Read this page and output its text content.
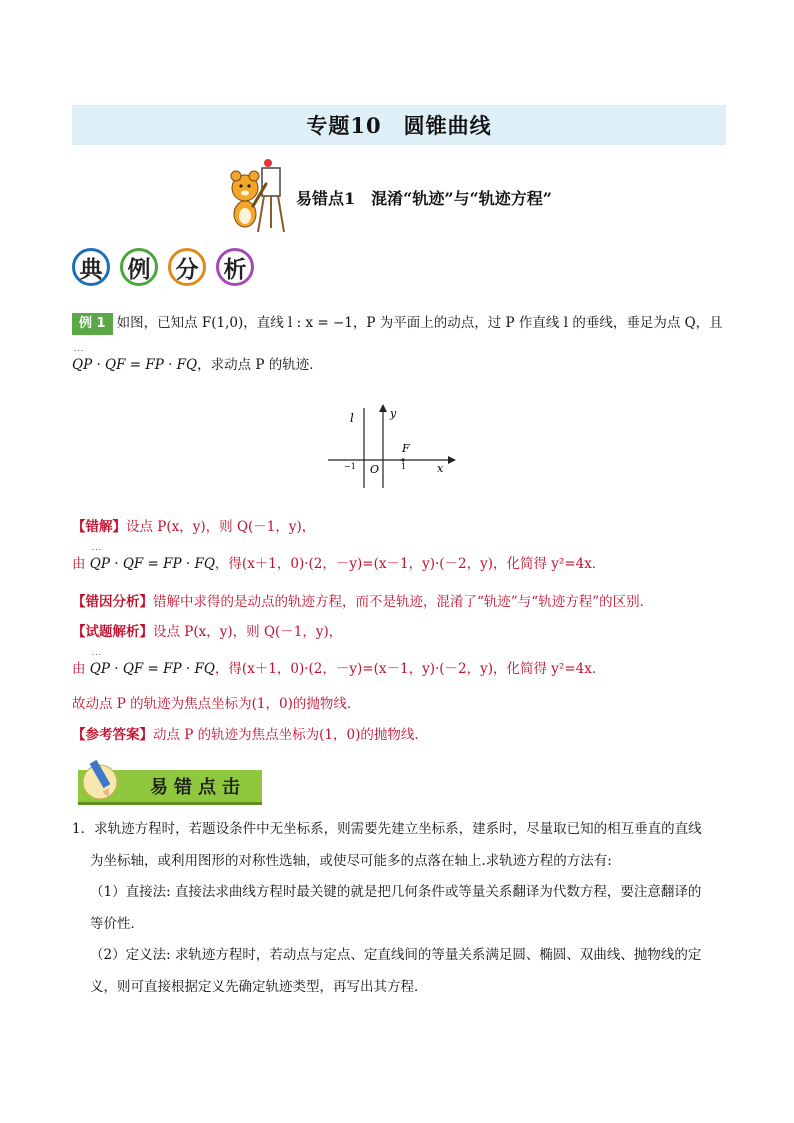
专题10　圆锥曲线
易错点1　混淆“轨迹”与“轨迹方程”
典	例	分	析
例 1 如图，已知点 F(1,0)，直线 l : x = −1，P 为平面上的动点，过 P 作直线 l 的垂线，垂足为点 Q，且
˙˙˙ QP · QF = FP · FQ，求动点 P 的轨迹．
l	y
F
x
O
−1	1
【错解】设点 P(x，y)，则 Q(－1，y)，
由 ˙˙˙ QP · QF = FP · FQ，得(x＋1，0)·(2，－y)=(x－1，y)·(－2，y)，化简得 y²=4x．
【错因分析】错解中求得的是动点的轨迹方程，而不是轨迹，混淆了“轨迹”与“轨迹方程”的区别．
【试题解析】设点 P(x，y)，则 Q(－1，y)，
由 ˙˙˙ QP · QF = FP · FQ，得(x＋1，0)·(2，－y)=(x－1，y)·(－2，y)，化简得 y²=4x．
故动点 P 的轨迹为焦点坐标为(1，0)的抛物线．
【参考答案】动点 P 的轨迹为焦点坐标为(1，0)的抛物线．
易错点击
1．求轨迹方程时，若题设条件中无坐标系，则需要先建立坐标系，建系时，尽量取已知的相互垂直的直线
为坐标轴，或利用图形的对称性选轴，或使尽可能多的点落在轴上.求轨迹方程的方法有:
（1）直接法: 直接法求曲线方程时最关键的就是把几何条件或等量关系翻译为代数方程，要注意翻译的
等价性．
（2）定义法: 求轨迹方程时，若动点与定点、定直线间的等量关系满足圆、椭圆、双曲线、抛物线的定
义，则可直接根据定义先确定轨迹类型，再写出其方程．
